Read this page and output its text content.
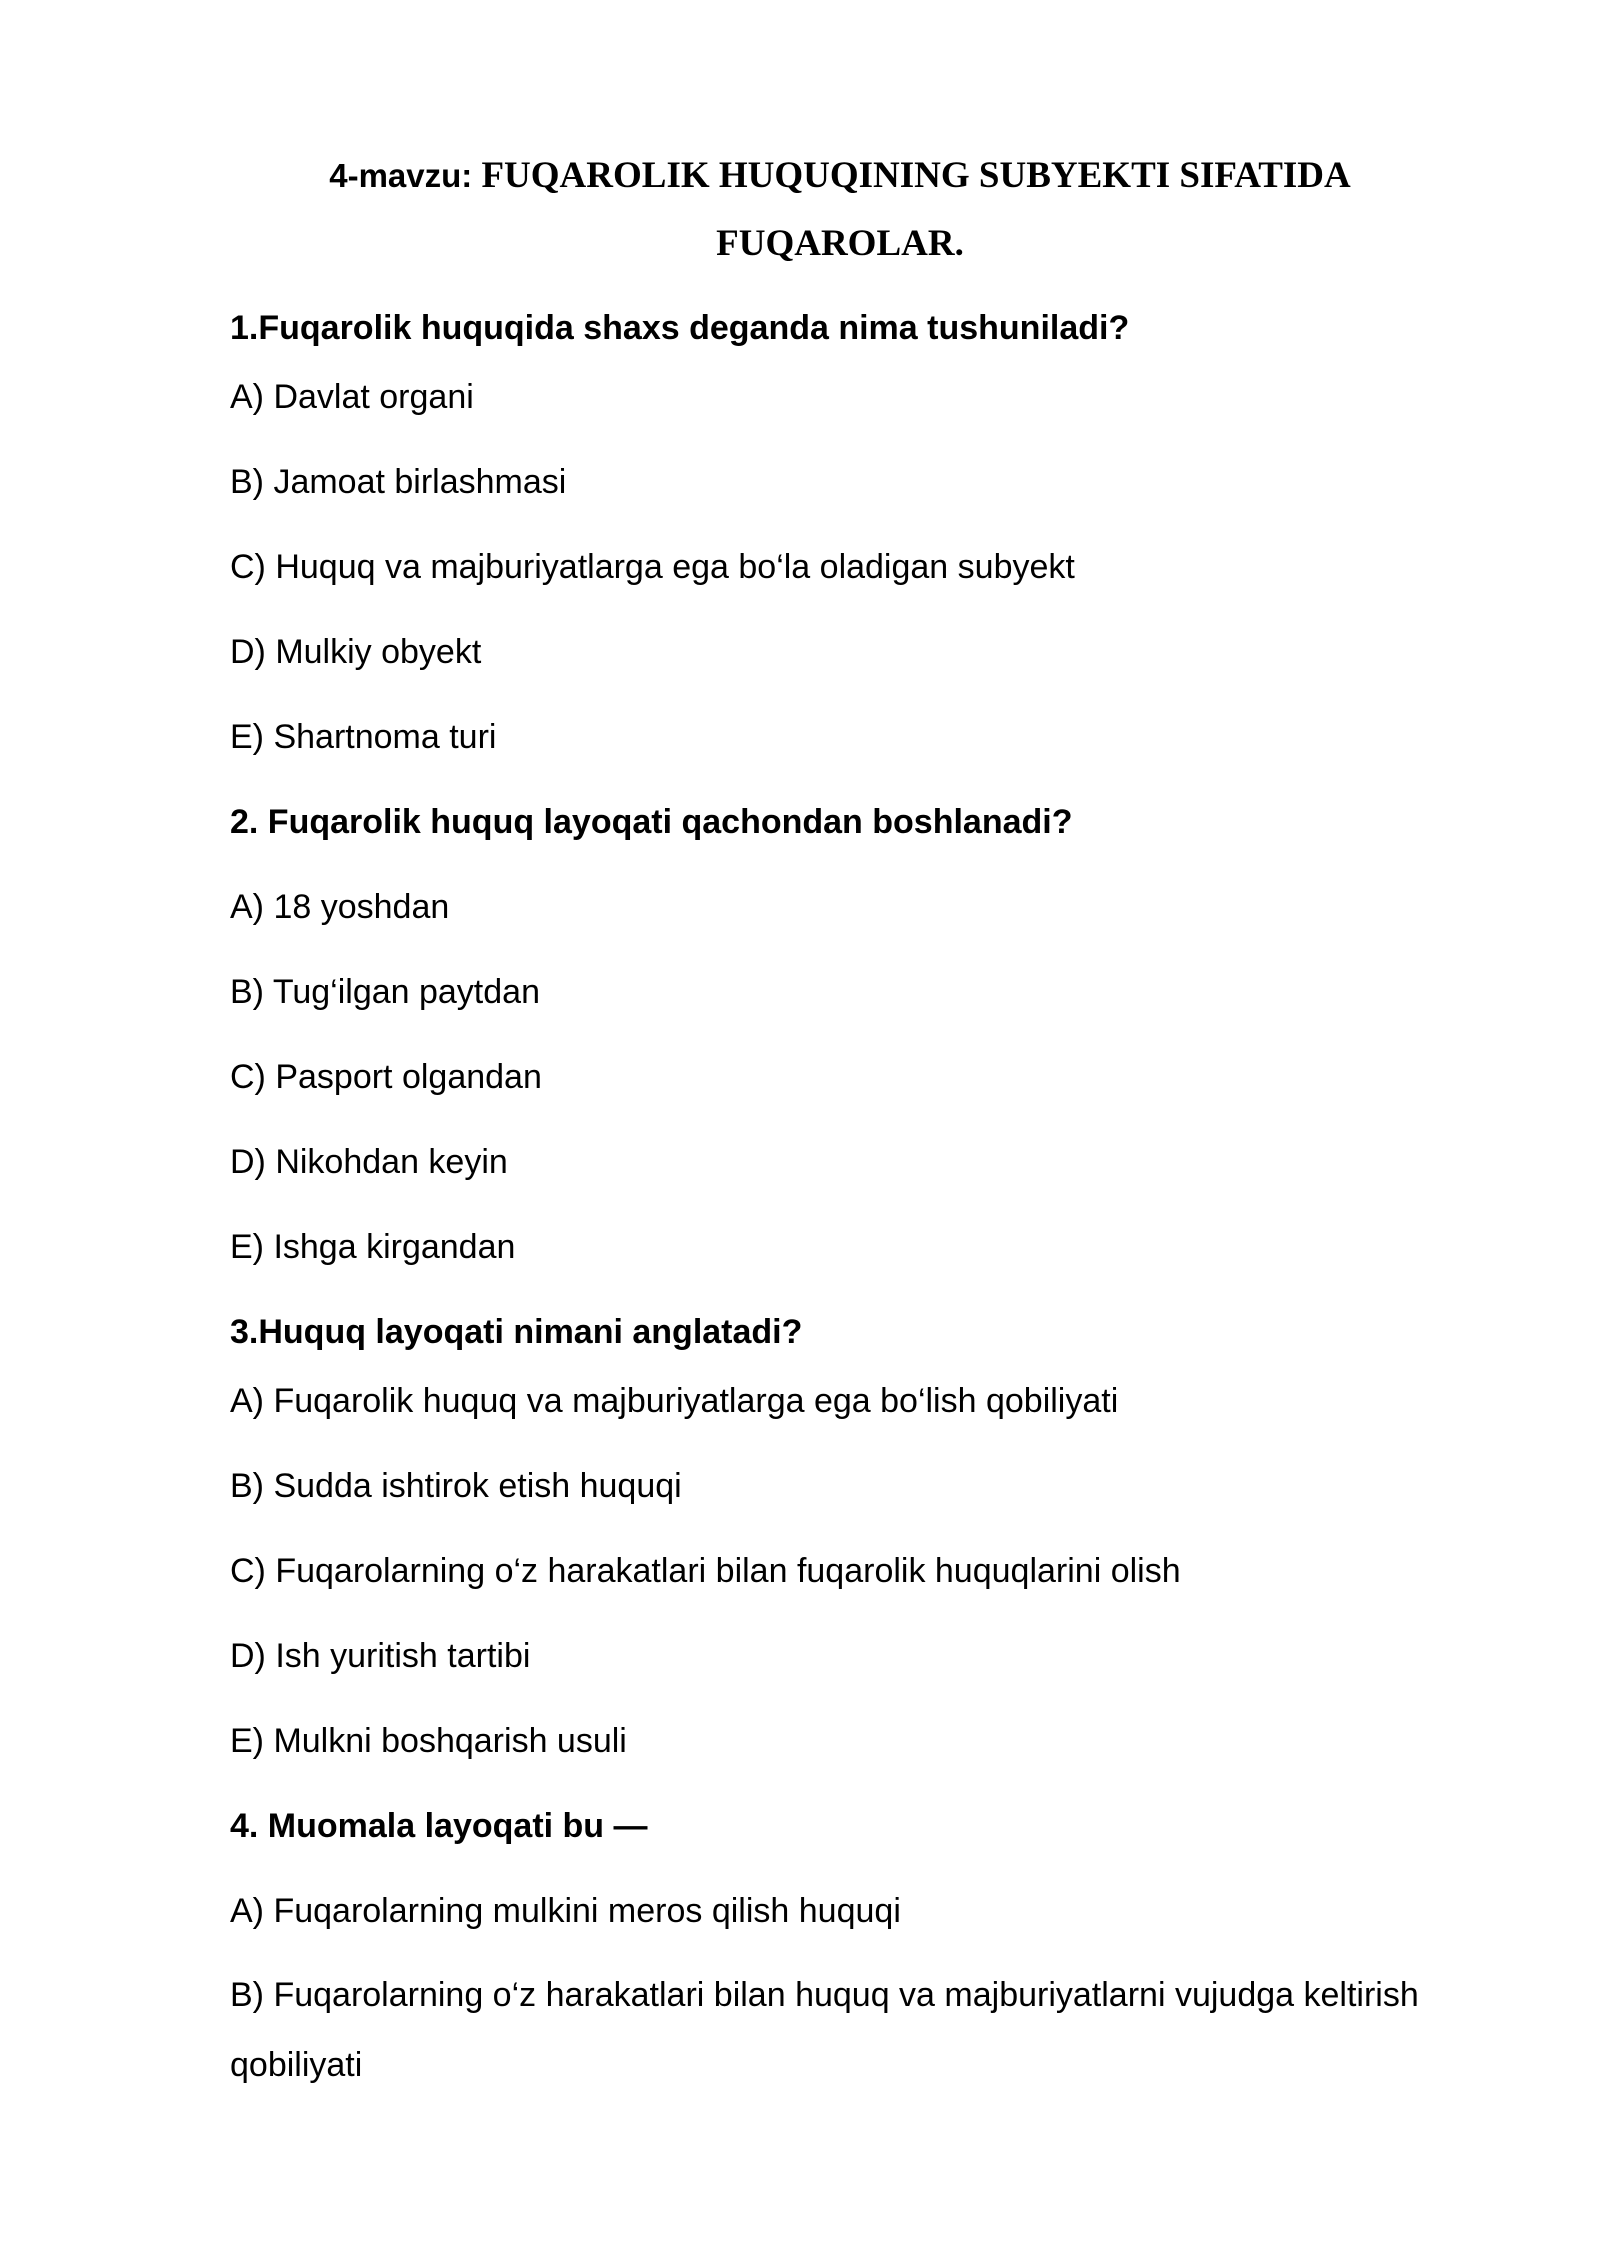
4-mavzu: FUQAROLIK HUQUQINING SUBYEKTI SIFATIDA
FUQAROLAR.
1.Fuqarolik huquqida shaxs deganda nima tushuniladi?
A) Davlat organi
B) Jamoat birlashmasi
C) Huquq va majburiyatlarga ega bo‘la oladigan subyekt
D) Mulkiy obyekt
E) Shartnoma turi
2. Fuqarolik huquq layoqati qachondan boshlanadi?
A) 18 yoshdan
B) Tug‘ilgan paytdan
C) Pasport olgandan
D) Nikohdan keyin
E) Ishga kirgandan
3.Huquq layoqati nimani anglatadi?
A) Fuqarolik huquq va majburiyatlarga ega bo‘lish qobiliyati
B) Sudda ishtirok etish huquqi
C) Fuqarolarning o‘z harakatlari bilan fuqarolik huquqlarini olish
D) Ish yuritish tartibi
E) Mulkni boshqarish usuli
4. Muomala layoqati bu —
A) Fuqarolarning mulkini meros qilish huquqi
B) Fuqarolarning o‘z harakatlari bilan huquq va majburiyatlarni vujudga keltirish qobiliyati
